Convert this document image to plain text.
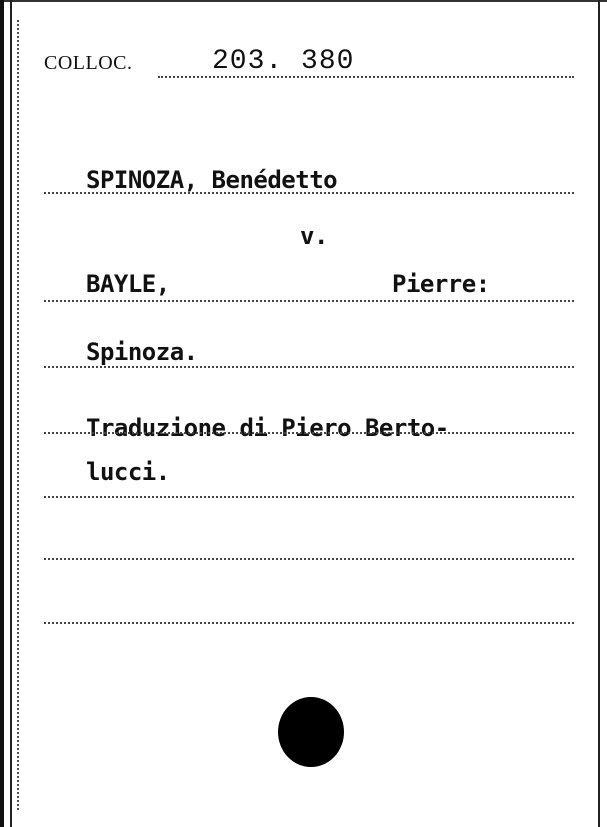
COLLOC.	203. 380
SPINOZA, Benédetto
v.
BAYLE,	Pierre:
Spinoza.
Traduzione di Piero Berto-
lucci.
